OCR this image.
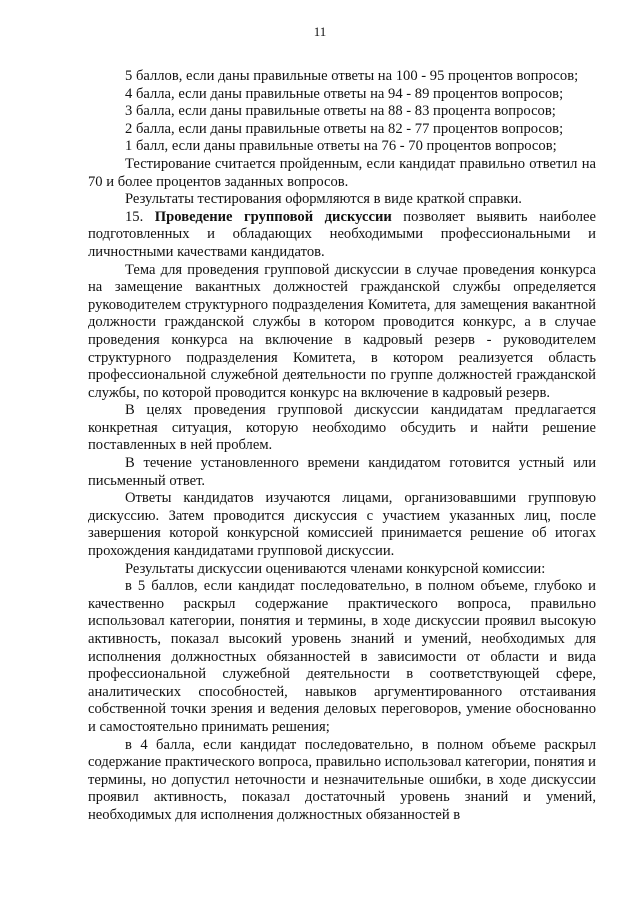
11
5 баллов, если даны правильные ответы на 100 - 95 процентов вопросов;
4 балла, если даны правильные ответы на 94 - 89 процентов вопросов;
3 балла, если даны правильные ответы на 88 - 83 процента вопросов;
2 балла, если даны правильные ответы на 82 - 77 процентов вопросов;
1 балл, если даны правильные ответы на 76 - 70 процентов вопросов;

Тестирование считается пройденным, если кандидат правильно ответил на 70 и более процентов заданных вопросов.

Результаты тестирования оформляются в виде краткой справки.

15. Проведение групповой дискуссии позволяет выявить наиболее подготовленных и обладающих необходимыми профессиональными и личностными качествами кандидатов.

Тема для проведения групповой дискуссии в случае проведения конкурса на замещение вакантных должностей гражданской службы определяется руководителем структурного подразделения Комитета, для замещения вакантной должности гражданской службы в котором проводится конкурс, а в случае проведения конкурса на включение в кадровый резерв - руководителем структурного подразделения Комитета, в котором реализуется область профессиональной служебной деятельности по группе должностей гражданской службы, по которой проводится конкурс на включение в кадровый резерв.

В целях проведения групповой дискуссии кандидатам предлагается конкретная ситуация, которую необходимо обсудить и найти решение поставленных в ней проблем.

В течение установленного времени кандидатом готовится устный или письменный ответ.

Ответы кандидатов изучаются лицами, организовавшими групповую дискуссию. Затем проводится дискуссия с участием указанных лиц, после завершения которой конкурсной комиссией принимается решение об итогах прохождения кандидатами групповой дискуссии.

Результаты дискуссии оцениваются членами конкурсной комиссии:

в 5 баллов, если кандидат последовательно, в полном объеме, глубоко и качественно раскрыл содержание практического вопроса, правильно использовал категории, понятия и термины, в ходе дискуссии проявил высокую активность, показал высокий уровень знаний и умений, необходимых для исполнения должностных обязанностей в зависимости от области и вида профессиональной служебной деятельности в соответствующей сфере, аналитических способностей, навыков аргументированного отстаивания собственной точки зрения и ведения деловых переговоров, умение обоснованно и самостоятельно принимать решения;

в 4 балла, если кандидат последовательно, в полном объеме раскрыл содержание практического вопроса, правильно использовал категории, понятия и термины, но допустил неточности и незначительные ошибки, в ходе дискуссии проявил активность, показал достаточный уровень знаний и умений, необходимых для исполнения должностных обязанностей в
